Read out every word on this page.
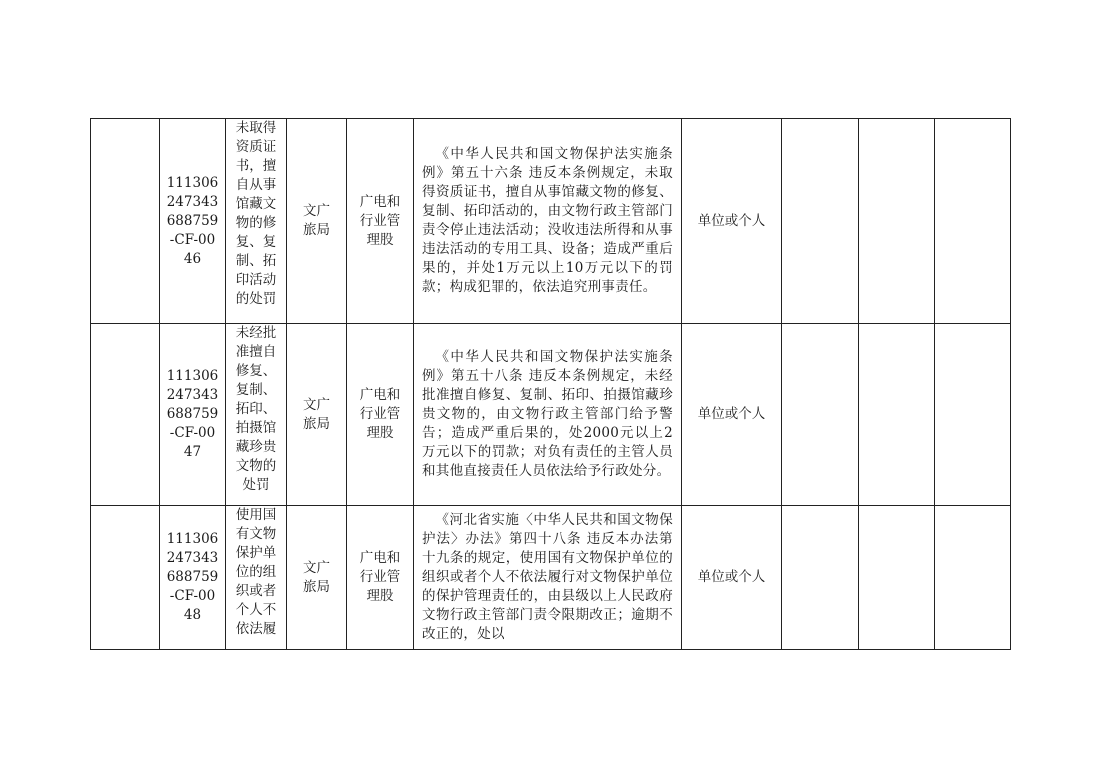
	111306247343688759-CF-0046	未取得资质证书，擅自从事馆藏文物的修复、复制、拓印活动的处罚	文广旅局	广电和行业管理股	《中华人民共和国文物保护法实施条例》第五十六条 违反本条例规定，未取得资质证书，擅自从事馆藏文物的修复、复制、拓印活动的，由文物行政主管部门责令停止违法活动；没收违法所得和从事违法活动的专用工具、设备；造成严重后果的，并处1万元以上10万元以下的罚款；构成犯罪的，依法追究刑事责任。	单位或个人			
	111306247343688759-CF-0047	未经批准擅自修复、复制、拓印、拍摄馆藏珍贵文物的处罚	文广旅局	广电和行业管理股	《中华人民共和国文物保护法实施条例》第五十八条 违反本条例规定，未经批准擅自修复、复制、拓印、拍摄馆藏珍贵文物的，由文物行政主管部门给予警告；造成严重后果的，处2000元以上2万元以下的罚款；对负有责任的主管人员和其他直接责任人员依法给予行政处分。	单位或个人			
	111306247343688759-CF-0048	使用国有文物保护单位的组织或者个人不依法履	文广旅局	广电和行业管理股	《河北省实施〈中华人民共和国文物保护法〉办法》第四十八条 违反本办法第十九条的规定，使用国有文物保护单位的组织或者个人不依法履行对文物保护单位的保护管理责任的，由县级以上人民政府文物行政主管部门责令限期改正；逾期不改正的，处以	单位或个人			
